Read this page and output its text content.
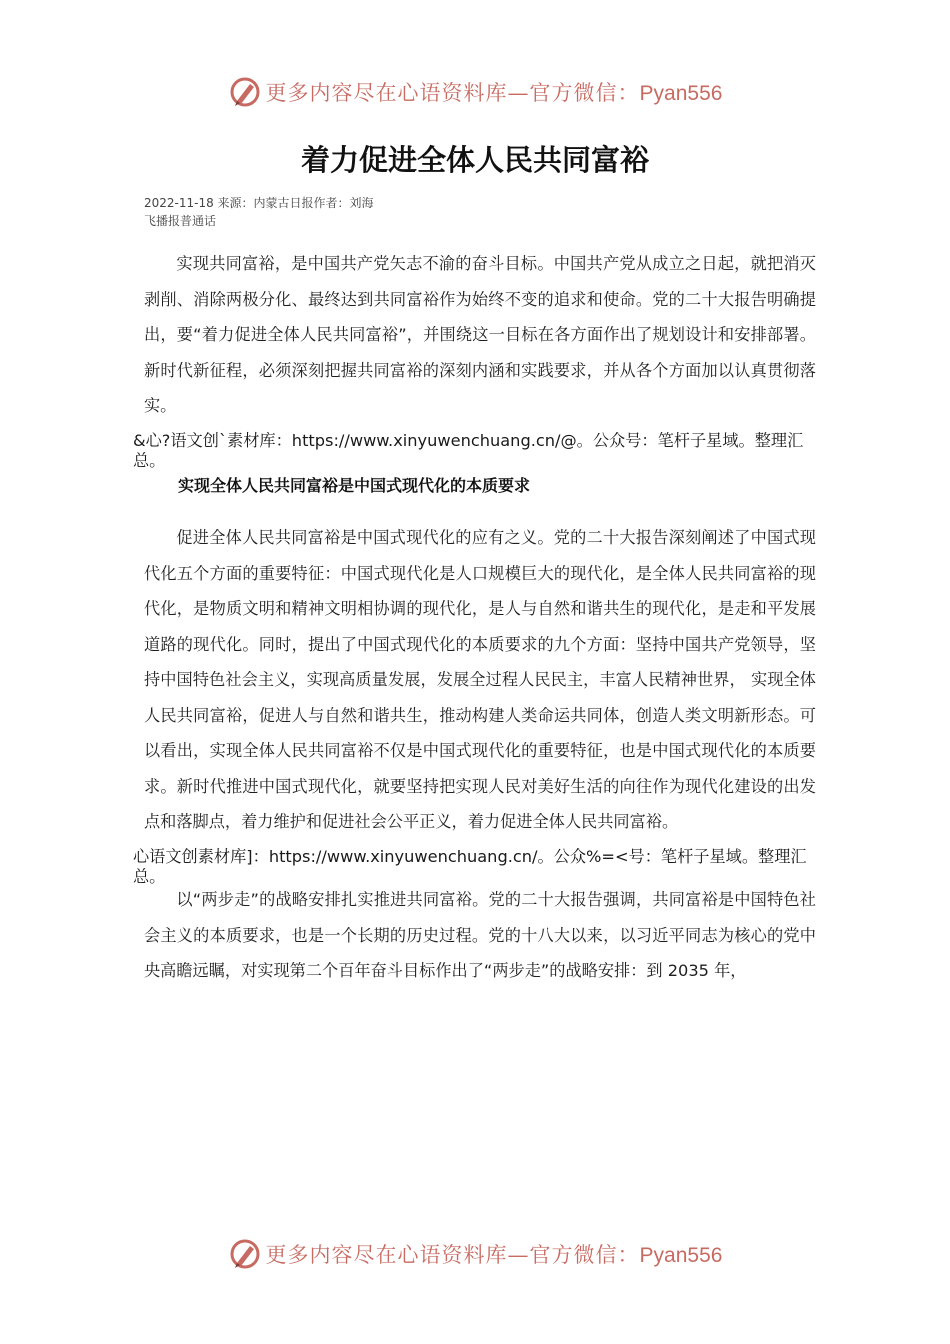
更多内容尽在心语资料库—官方微信：Pyan556
着力促进全体人民共同富裕
2022-11-18 来源：内蒙古日报作者：刘海
飞播报普通话

实现共同富裕，是中国共产党矢志不渝的奋斗目标。中国共产党从成立之日起，就把消灭剥削、消除两极分化、最终达到共同富裕作为始终不变的追求和使命。党的二十大报告明确提出，要“着力促进全体人民共同富裕”，并围绕这一目标在各方面作出了规划设计和安排部署。新时代新征程，必须深刻把握共同富裕的深刻内涵和实践要求，并从各个方面加以认真贯彻落实。

&心?语文创`素材库：https://www.xinyuwenchuang.cn/@。公众号：笔杆子星域。整理汇总。

实现全体人民共同富裕是中国式现代化的本质要求

促进全体人民共同富裕是中国式现代化的应有之义。党的二十大报告深刻阐述了中国式现代化五个方面的重要特征：中国式现代化是人口规模巨大的现代化，是全体人民共同富裕的现代化，是物质文明和精神文明相协调的现代化，是人与自然和谐共生的现代化，是走和平发展道路的现代化。同时，提出了中国式现代化的本质要求的九个方面：坚持中国共产党领导，坚持中国特色社会主义，实现高质量发展，发展全过程人民民主，丰富人民精神世界， 实现全体人民共同富裕，促进人与自然和谐共生，推动构建人类命运共同体，创造人类文明新形态。可以看出，实现全体人民共同富裕不仅是中国式现代化的重要特征，也是中国式现代化的本质要求。新时代推进中国式现代化，就要坚持把实现人民对美好生活的向往作为现代化建设的出发点和落脚点，着力维护和促进社会公平正义，着力促进全体人民共同富裕。

心语文创素材库]：https://www.xinyuwenchuang.cn/。公众%=<号：笔杆子星域。整理汇总。

以“两步走”的战略安排扎实推进共同富裕。党的二十大报告强调，共同富裕是中国特色社会主义的本质要求，也是一个长期的历史过程。党的十八大以来，以习近平同志为核心的党中央高瞻远瞩，对实现第二个百年奋斗目标作出了“两步走”的战略安排：到 2035 年，

更多内容尽在心语资料库—官方微信：Pyan556
